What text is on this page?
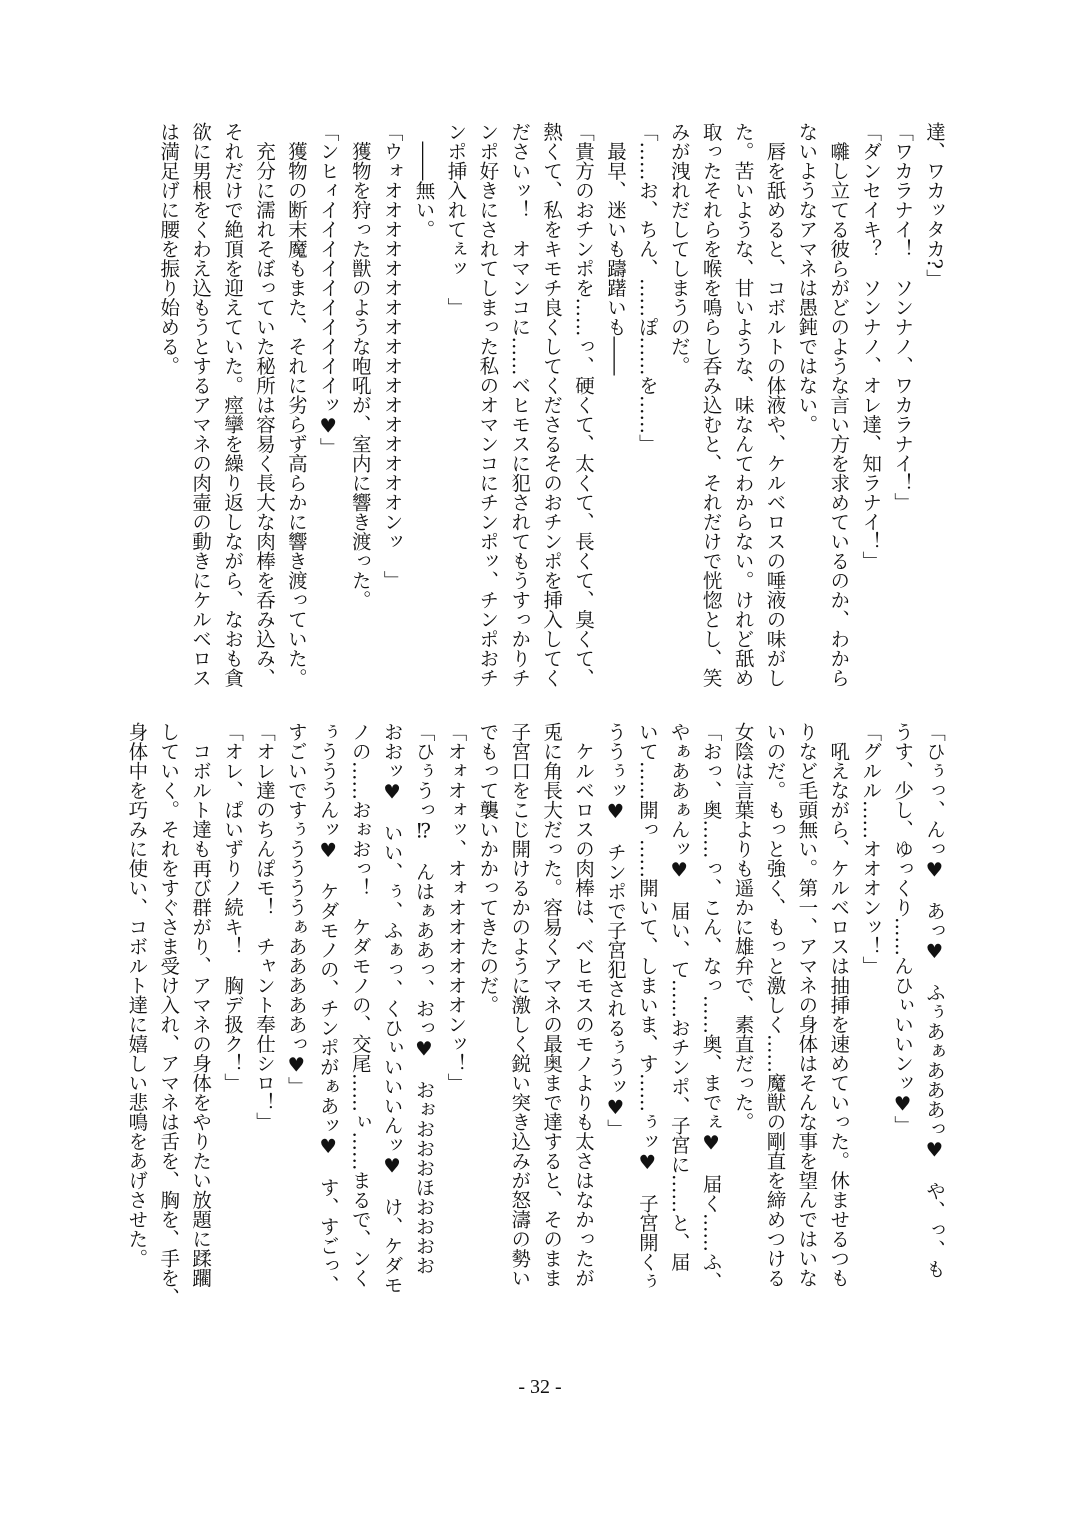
達、ワカッタカ?」
「ワカラナイ！　ソンナノ、ワカラナイ！」
「ダンセイキ？　ソンナノ、オレ達、知ラナイ！」
　囃し立てる彼らがどのような言い方を求めているのか、わから
ないようなアマネは愚鈍ではない。
　唇を舐めると、コボルトの体液や、ケルベロスの唾液の味がし
た。苦いような、甘いような、味なんてわからない。けれど舐め
取ったそれらを喉を鳴らし呑み込むと、それだけで恍惚とし、笑
みが洩れだしてしまうのだ。
「……お、ちん、……ぽ……を……」
　最早、迷いも躊躇いも――
「貴方のおチンポを……っ、硬くて、太くて、長くて、臭くて、
熱くて、私をキモチ良くしてくださるそのおチンポを挿入してく
ださいッ！　オマンコに……ベヒモスに犯されてもうすっかりチ
ンポ好きにされてしまった私のオマンコにチンポッ、チンポおチ
ンポ挿入れてぇッ　」
　――無い。
「ウォオオオオオオオオオオオオオオオオオンッ　」
　獲物を狩った獣のような咆吼が、室内に響き渡った。
「ンヒィイイイイイイイイイイッ♥」
　獲物の断末魔もまた、それに劣らず高らかに響き渡っていた。
　充分に濡れそぼっていた秘所は容易く長大な肉棒を呑み込み、
それだけで絶頂を迎えていた。痙攣を繰り返しながら、なおも貪
欲に男根をくわえ込もうとするアマネの肉壷の動きにケルベロス
は満足げに腰を振り始める。
「ひぅっ、んっ♥　あっ♥　ふぅあぁあああっ♥　や、っ、も
うす、少し、ゆっくり……んひぃいいンッ♥」
「グルル……オオオンッ！」
　吼えながら、ケルベロスは抽挿を速めていった。休ませるつも
りなど毛頭無い。第一、アマネの身体はそんな事を望んではいな
いのだ。もっと強く、もっと激しく……魔獣の剛直を締めつける
女陰は言葉よりも遥かに雄弁で、素直だった。
「おっ、奥……っ、こん、なっ……奥、までぇ♥　届く……ふ、
やぁああぁんッ♥　届い、て……おチンポ、子宮に……と、届
いて……開っ……開いて、しまいま、す……ぅッ♥　子宮開くぅ
ううぅッ♥　チンポで子宮犯されるぅうッ♥」
　ケルベロスの肉棒は、ベヒモスのモノよりも太さはなかったが
兎に角長大だった。容易くアマネの最奥まで達すると、そのまま
子宮口をこじ開けるかのように激しく鋭い突き込みが怒濤の勢い
でもって襲いかかってきたのだ。
「オォオォッ、オォオオオオオオンッ！」
「ひぅうっ⁉　んはぁああっ、おっ♥　おぉおおおほおおおお
おおッ♥　いい、ぅ、ふぁっ、くひぃいいいんッ♥　け、ケダモ
ノの……おぉおっ！　ケダモノの、交尾……ぃ……まるで、ンく
ぅうううんッ♥　ケダモノの、チンポがぁあッ♥　す、すごっ、
すごいですぅううううぁあああああっ♥」
「オレ達のちんぽモ！　チャント奉仕シロ！」
「オレ、ぱいずりノ続キ！　胸デ扱ク！」
　コボルト達も再び群がり、アマネの身体をやりたい放題に蹂躙
していく。それをすぐさま受け入れ、アマネは舌を、胸を、手を、
身体中を巧みに使い、コボルト達に嬉しい悲鳴をあげさせた。
- 32 -
